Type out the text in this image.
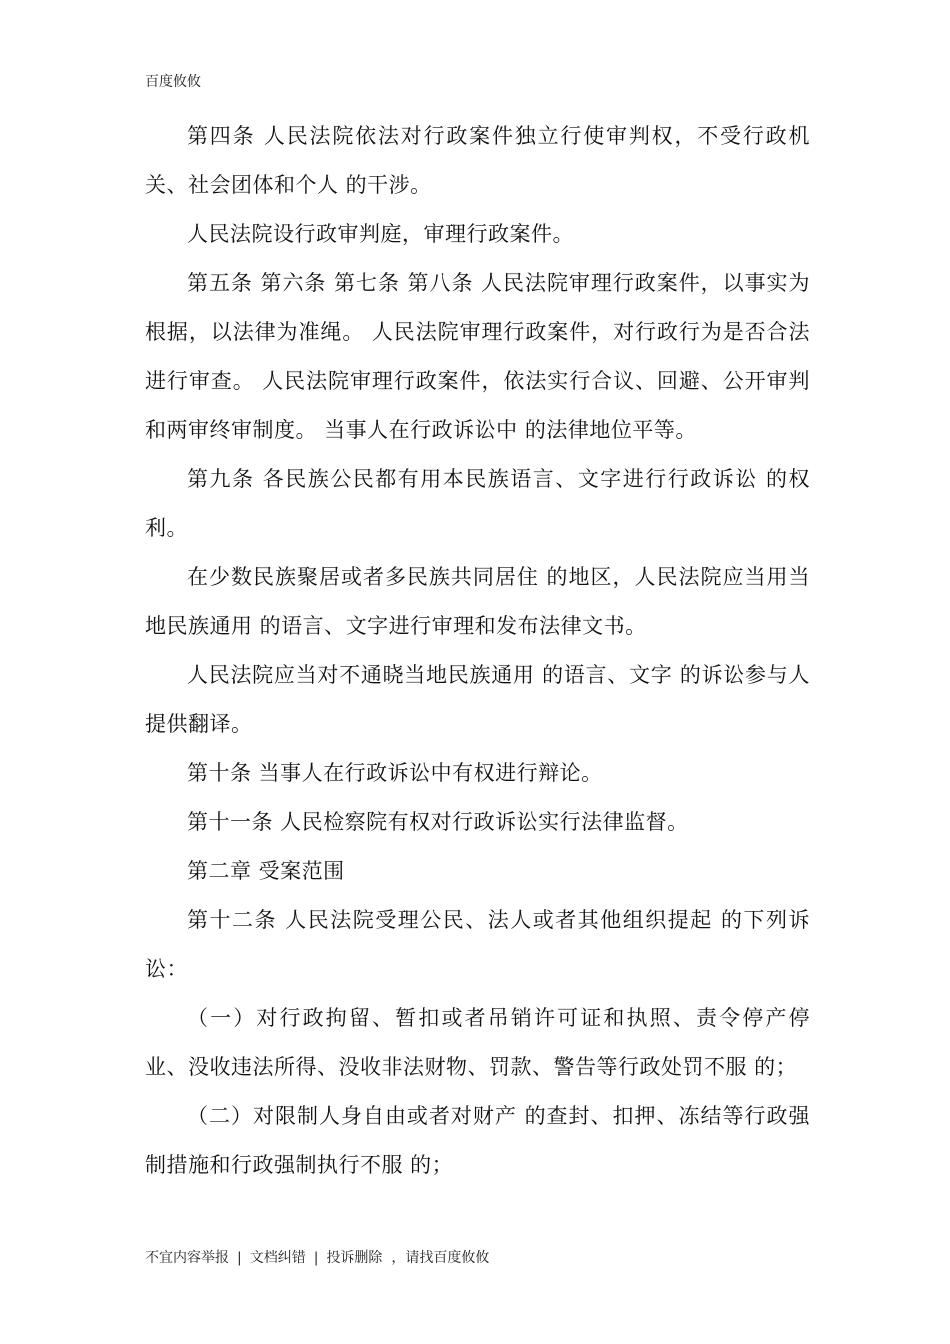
百度攸攸

第四条 人民法院依法对行政案件独立行使审判权，不受行政机关、社会团体和个人 的干涉。

人民法院设行政审判庭，审理行政案件。

第五条 第六条 第七条 第八条 人民法院审理行政案件，以事实为根据，以法律为准绳。 人民法院审理行政案件，对行政行为是否合法进行审查。 人民法院审理行政案件，依法实行合议、回避、公开审判和两审终审制度。 当事人在行政诉讼中 的法律地位平等。

第九条 各民族公民都有用本民族语言、文字进行行政诉讼 的权利。

在少数民族聚居或者多民族共同居住 的地区，人民法院应当用当地民族通用 的语言、文字进行审理和发布法律文书。

人民法院应当对不通晓当地民族通用 的语言、文字 的诉讼参与人提供翻译。

第十条 当事人在行政诉讼中有权进行辩论。

第十一条 人民检察院有权对行政诉讼实行法律监督。

第二章 受案范围

第十二条 人民法院受理公民、法人或者其他组织提起 的下列诉讼：

（一）对行政拘留、暂扣或者吊销许可证和执照、责令停产停业、没收违法所得、没收非法财物、罚款、警告等行政处罚不服 的；

（二）对限制人身自由或者对财产 的查封、扣押、冻结等行政强制措施和行政强制执行不服 的；

不宜内容举报 | 文档纠错 | 投诉删除  ，请找百度攸攸
